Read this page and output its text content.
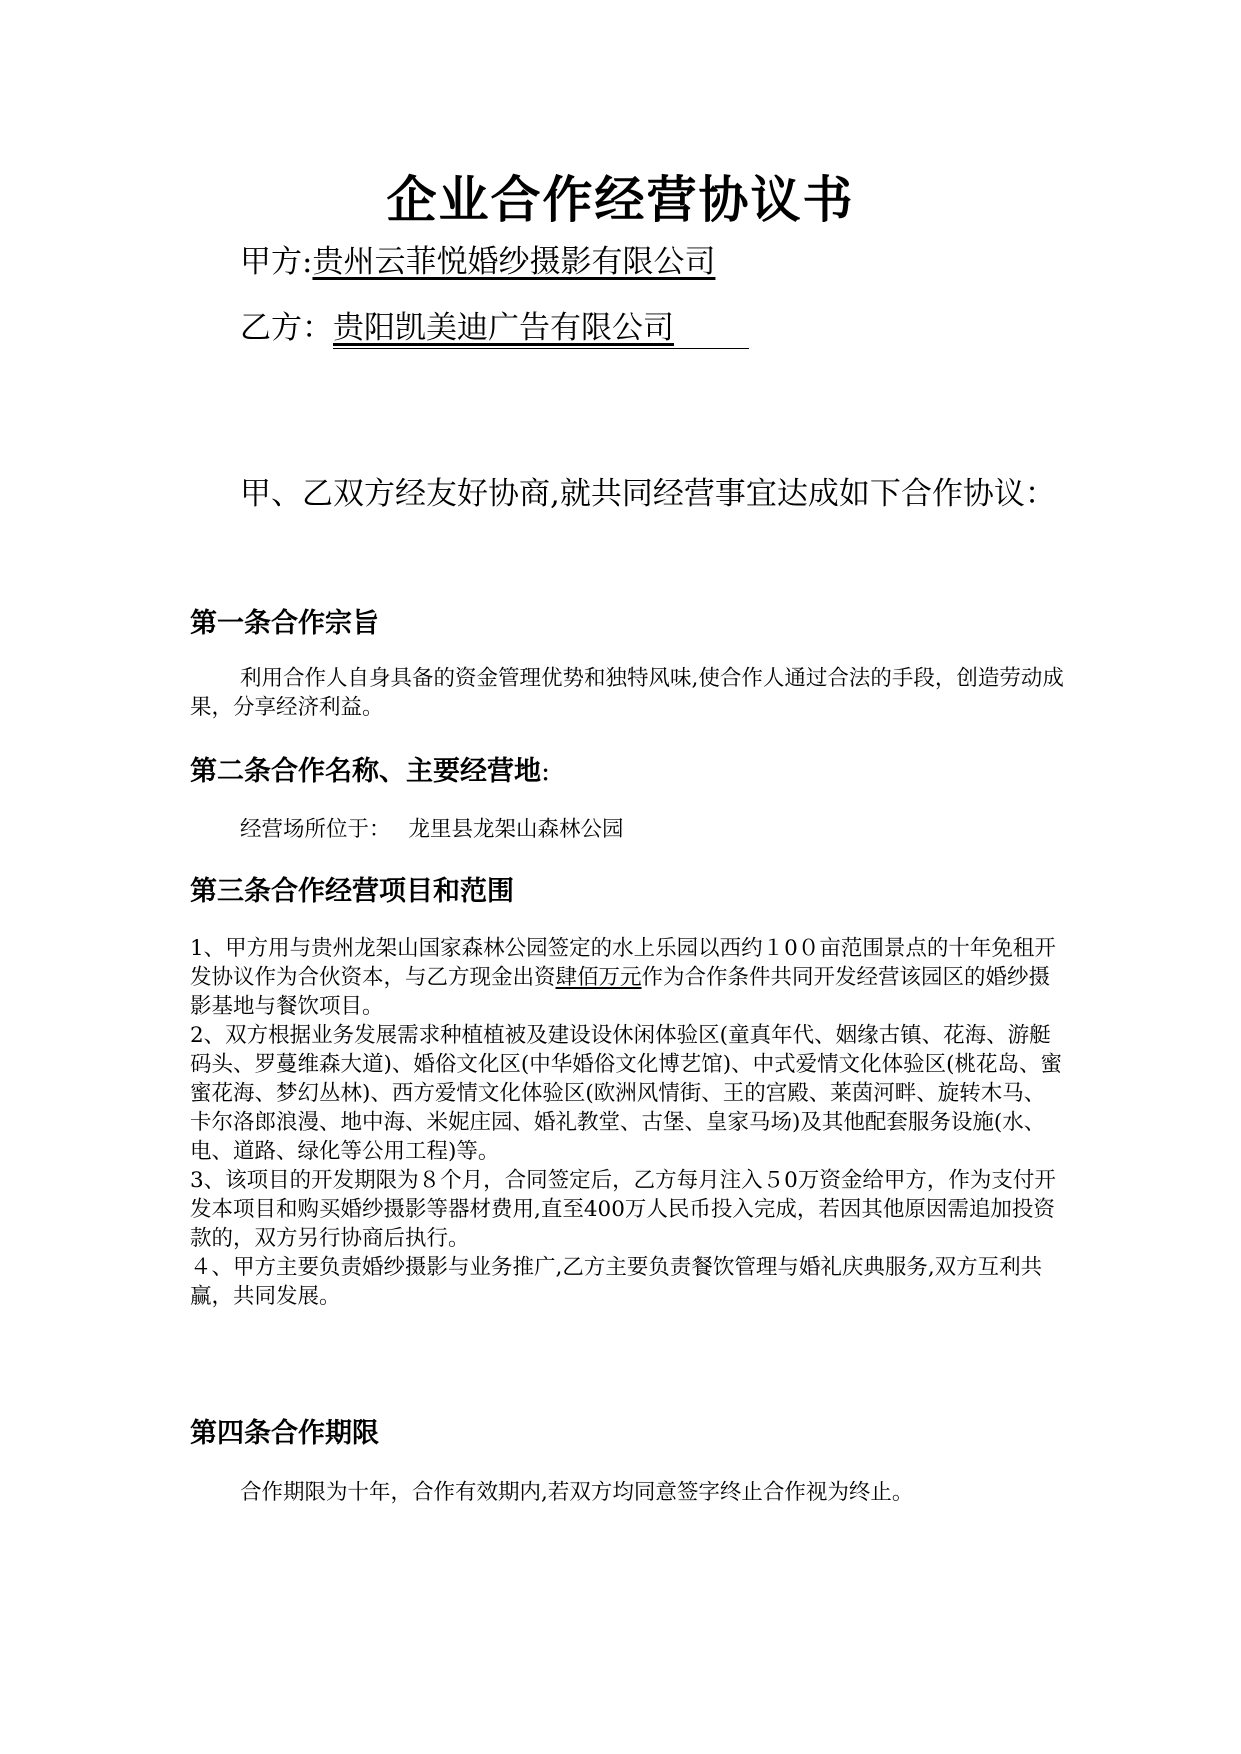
企业合作经营协议书
甲方:贵州云菲悦婚纱摄影有限公司
乙方：贵阳凯美迪广告有限公司
甲、乙双方经友好协商,就共同经营事宜达成如下合作协议：
第一条合作宗旨
利用合作人自身具备的资金管理优势和独特风味,使合作人通过合法的手段，创造劳动成果，分享经济利益。
第二条合作名称、主要经营地:
经营场所位于： 龙里县龙架山森林公园
第三条合作经营项目和范围

1、甲方用与贵州龙架山国家森林公园签定的水上乐园以西约１0０亩范围景点的十年免租开发协议作为合伙资本，与乙方现金出资肆佰万元作为合作条件共同开发经营该园区的婚纱摄影基地与餐饮项目。

2、双方根据业务发展需求种植植被及建设设休闲体验区(童真年代、姻缘古镇、花海、游艇码头、罗蔓维森大道)、婚俗文化区(中华婚俗文化博艺馆)、中式爱情文化体验区(桃花岛、蜜蜜花海、梦幻丛林)、西方爱情文化体验区(欧洲风情街、王的宫殿、莱茵河畔、旋转木马、卡尔洛郎浪漫、地中海、米妮庄园、婚礼教堂、古堡、皇家马场)及其他配套服务设施(水、电、道路、绿化等公用工程)等。

3、该项目的开发期限为８个月，合同签定后，乙方每月注入５0万资金给甲方，作为支付开发本项目和购买婚纱摄影等器材费用,直至400万人民币投入完成，若因其他原因需追加投资款的，双方另行协商后执行。

４、甲方主要负责婚纱摄影与业务推广,乙方主要负责餐饮管理与婚礼庆典服务,双方互利共赢，共同发展。

第四条合作期限
合作期限为十年，合作有效期内,若双方均同意签字终止合作视为终止。
